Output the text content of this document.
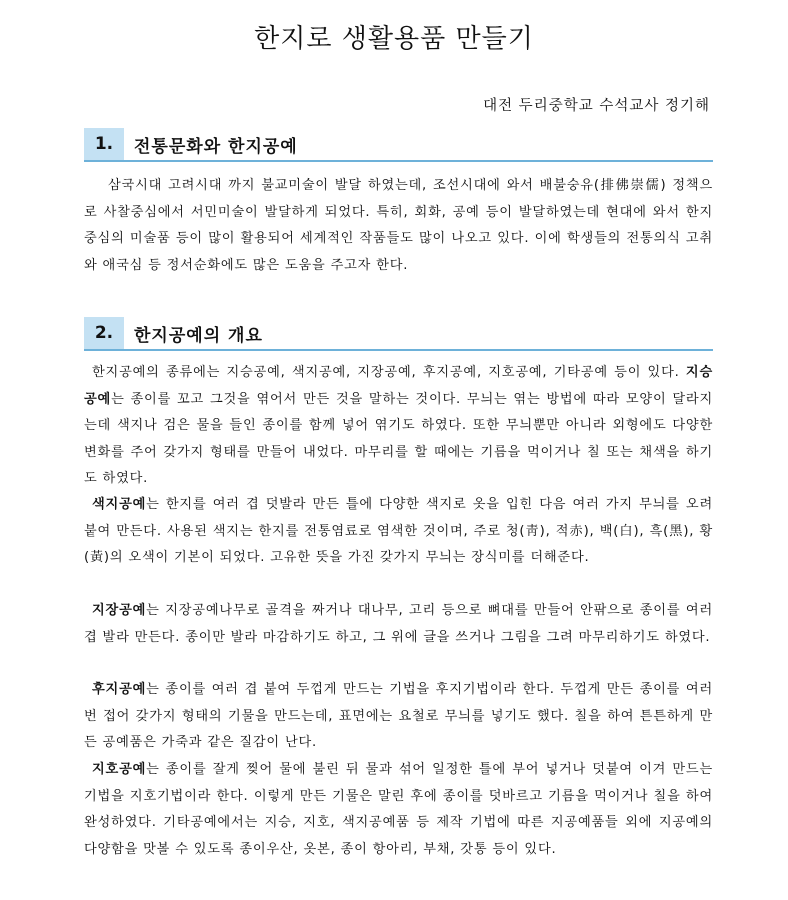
한지로 생활용품 만들기
대전 두리중학교 수석교사 정기해
1.	전통문화와 한지공예

삼국시대 고려시대 까지 불교미술이 발달 하였는데, 조선시대에 와서 배불숭유(排佛崇儒) 정책으로 사찰중심에서 서민미술이 발달하게 되었다. 특히, 회화, 공예 등이 발달하였는데 현대에 와서 한지 중심의 미술품 등이 많이 활용되어 세계적인 작품들도 많이 나오고 있다. 이에 학생들의 전통의식 고취와 애국심 등 정서순화에도 많은 도움을 주고자 한다.

2.	한지공예의 개요

한지공예의 종류에는 지승공예, 색지공예, 지장공예, 후지공예, 지호공예, 기타공예 등이 있다. 지승공예는 종이를 꼬고 그것을 엮어서 만든 것을 말하는 것이다. 무늬는 엮는 방법에 따라 모양이 달라지는데 색지나 검은 물을 들인 종이를 함께 넣어 엮기도 하였다. 또한 무늬뿐만 아니라 외형에도 다양한 변화를 주어 갖가지 형태를 만들어 내었다. 마무리를 할 때에는 기름을 먹이거나 칠 또는 채색을 하기도 하였다.

색지공예는 한지를 여러 겹 덧발라 만든 틀에 다양한 색지로 옷을 입힌 다음 여러 가지 무늬를 오려 붙여 만든다. 사용된 색지는 한지를 전통염료로 염색한 것이며, 주로 청(靑), 적赤), 백(白), 흑(黑), 황(黃)의 오색이 기본이 되었다. 고유한 뜻을 가진 갖가지 무늬는 장식미를 더해준다.

지장공예는 지장공예나무로 골격을 짜거나 대나무, 고리 등으로 뼈대를 만들어 안팎으로 종이를 여러 겹 발라 만든다. 종이만 발라 마감하기도 하고, 그 위에 글을 쓰거나 그림을 그려 마무리하기도 하였다.

후지공예는 종이를 여러 겹 붙여 두껍게 만드는 기법을 후지기법이라 한다. 두껍게 만든 종이를 여러 번 접어 갖가지 형태의 기물을 만드는데, 표면에는 요철로 무늬를 넣기도 했다. 칠을 하여 튼튼하게 만든 공예품은 가죽과 같은 질감이 난다.

지호공예는 종이를 잘게 찢어 물에 불린 뒤 물과 섞어 일정한 틀에 부어 넣거나 덧붙여 이겨 만드는 기법을 지호기법이라 한다. 이렇게 만든 기물은 말린 후에 종이를 덧바르고 기름을 먹이거나 칠을 하여 완성하였다. 기타공예에서는 지승, 지호, 색지공예품 등 제작 기법에 따른 지공예품들 외에 지공예의 다양함을 맛볼 수 있도록 종이우산, 옷본, 종이 항아리, 부채, 갓통 등이 있다.
